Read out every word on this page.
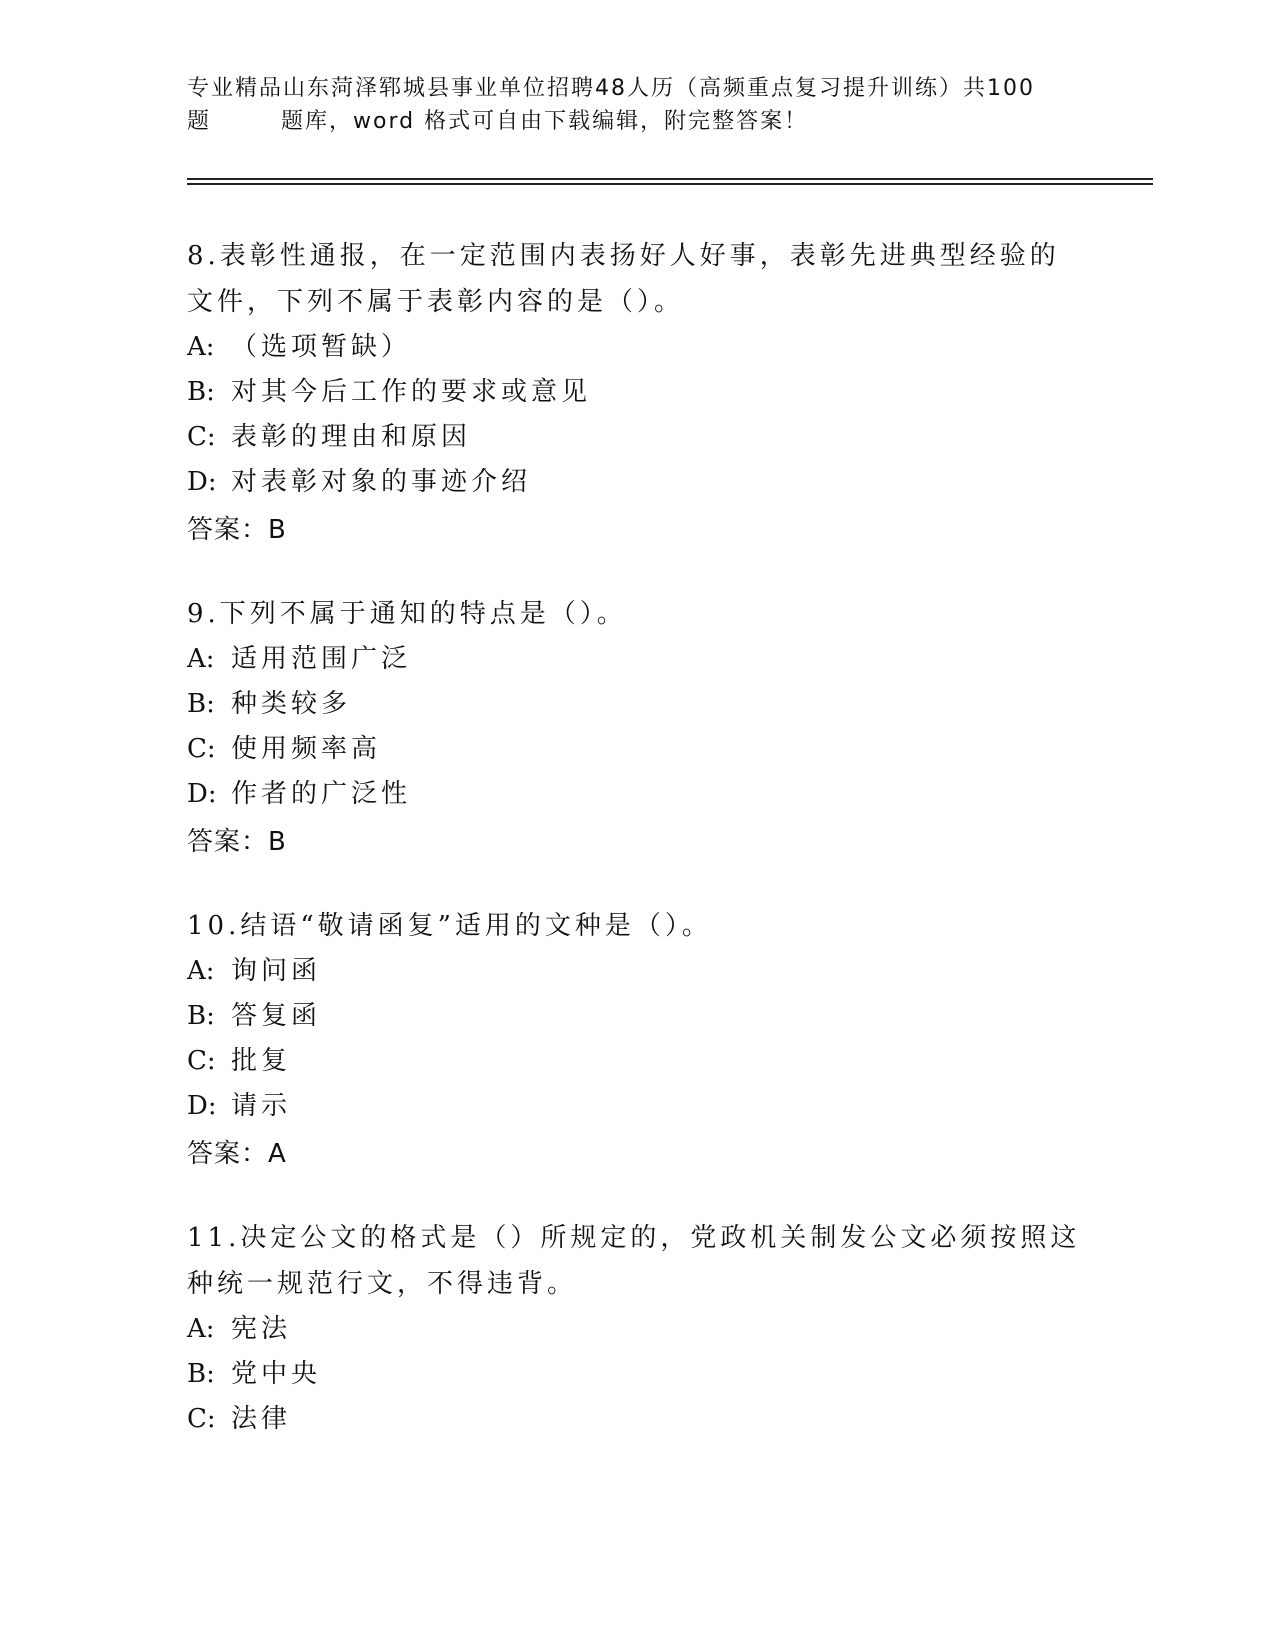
专业精品山东菏泽郓城县事业单位招聘48人历（高频重点复习提升训练）共100
题	题库，word 格式可自由下载编辑，附完整答案！
8.表彰性通报，在一定范围内表扬好人好事，表彰先进典型经验的文件，下列不属于表彰内容的是（）。
A: （选项暂缺）
B: 对其今后工作的要求或意见
C: 表彰的理由和原因
D: 对表彰对象的事迹介绍
答案：B
9.下列不属于通知的特点是（）。
A: 适用范围广泛
B: 种类较多
C: 使用频率高
D: 作者的广泛性
答案：B
10.结语“敬请函复”适用的文种是（）。
A: 询问函
B: 答复函
C: 批复
D: 请示
答案：A
11.决定公文的格式是（）所规定的，党政机关制发公文必须按照这种统一规范行文，不得违背。
A: 宪法
B: 党中央
C: 法律
